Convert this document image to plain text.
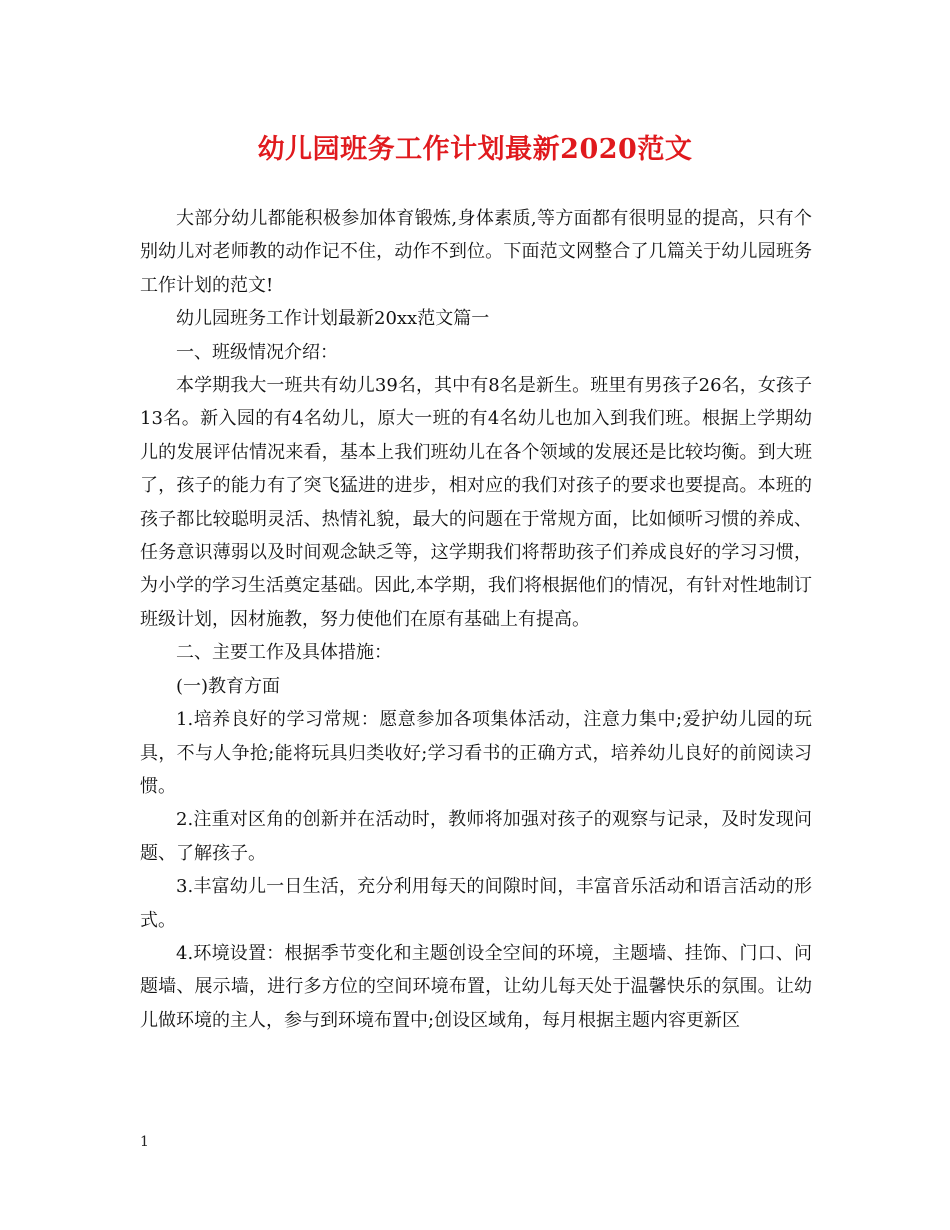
幼儿园班务工作计划最新2020范文

大部分幼儿都能积极参加体育锻炼,身体素质,等方面都有很明显的提高，只有个别幼儿对老师教的动作记不住，动作不到位。下面范文网整合了几篇关于幼儿园班务工作计划的范文!

幼儿园班务工作计划最新20xx范文篇一

一、班级情况介绍：

本学期我大一班共有幼儿39名，其中有8名是新生。班里有男孩子26名，女孩子13名。新入园的有4名幼儿，原大一班的有4名幼儿也加入到我们班。根据上学期幼儿的发展评估情况来看，基本上我们班幼儿在各个领域的发展还是比较均衡。到大班了，孩子的能力有了突飞猛进的进步，相对应的我们对孩子的要求也要提高。本班的孩子都比较聪明灵活、热情礼貌，最大的问题在于常规方面，比如倾听习惯的养成、任务意识薄弱以及时间观念缺乏等，这学期我们将帮助孩子们养成良好的学习习惯，为小学的学习生活奠定基础。因此,本学期，我们将根据他们的情况，有针对性地制订班级计划，因材施教，努力使他们在原有基础上有提高。

二、主要工作及具体措施：

(一)教育方面

1.培养良好的学习常规：愿意参加各项集体活动，注意力集中;爱护幼儿园的玩具，不与人争抢;能将玩具归类收好;学习看书的正确方式，培养幼儿良好的前阅读习惯。

2.注重对区角的创新并在活动时，教师将加强对孩子的观察与记录，及时发现问题、了解孩子。

3.丰富幼儿一日生活，充分利用每天的间隙时间，丰富音乐活动和语言活动的形式。

4.环境设置：根据季节变化和主题创设全空间的环境，主题墙、挂饰、门口、问题墙、展示墙，进行多方位的空间环境布置，让幼儿每天处于温馨快乐的氛围。让幼儿做环境的主人，参与到环境布置中;创设区域角，每月根据主题内容更新区

1
